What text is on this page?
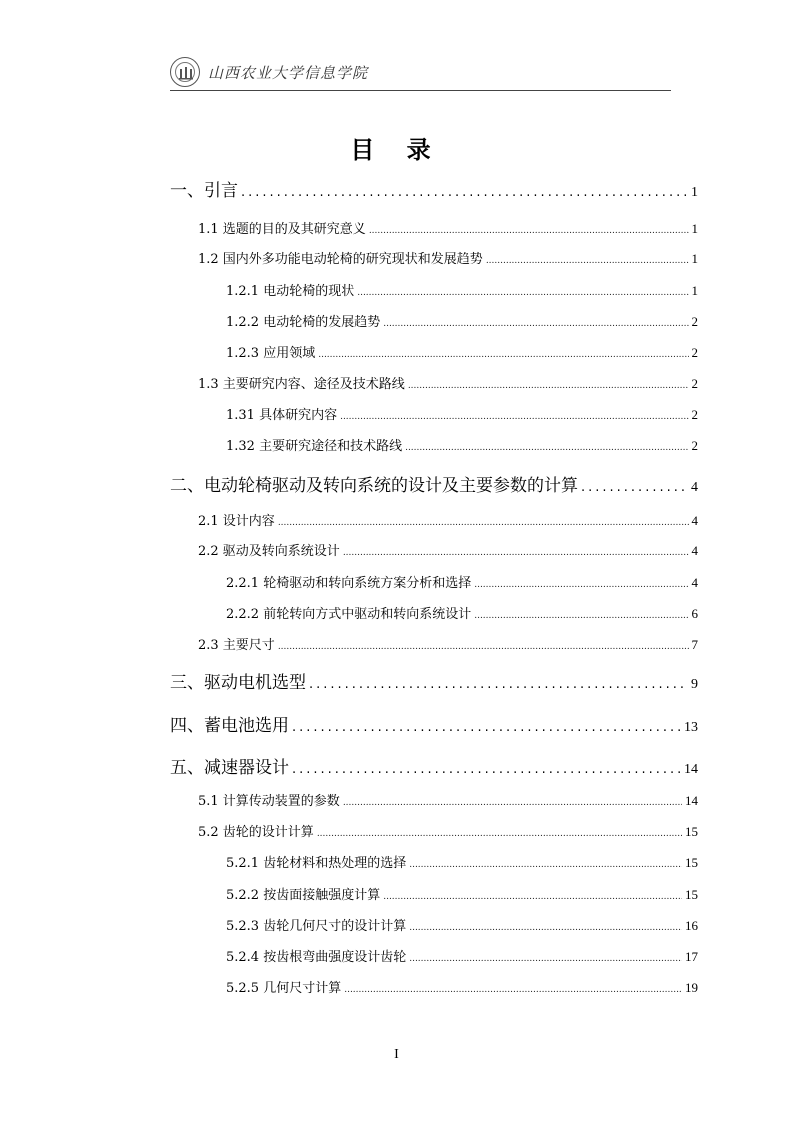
山西农业大学信息学院
目 录
一、引言 .....	1
1.1 选题的目的及其研究意义 .....	1
1.2 国内外多功能电动轮椅的研究现状和发展趋势 .....	1
1.2.1 电动轮椅的现状 .....	1
1.2.2 电动轮椅的发展趋势 .....	2
1.2.3 应用领域 .....	2
1.3 主要研究内容、途径及技术路线 .....	2
1.31 具体研究内容 .....	2
1.32 主要研究途径和技术路线 .....	2
二、电动轮椅驱动及转向系统的设计及主要参数的计算 .....	4
2.1 设计内容 .....	4
2.2 驱动及转向系统设计 .....	4
2.2.1 轮椅驱动和转向系统方案分析和选择 .....	4
2.2.2 前轮转向方式中驱动和转向系统设计 .....	6
2.3 主要尺寸 .....	7
三、驱动电机选型 .....	9
四、蓄电池选用 .....	13
五、减速器设计 .....	14
5.1 计算传动装置的参数 .....	14
5.2 齿轮的设计计算 .....	15
5.2.1 齿轮材料和热处理的选择 .....	15
5.2.2 按齿面接触强度计算 .....	15
5.2.3 齿轮几何尺寸的设计计算 .....	16
5.2.4 按齿根弯曲强度设计齿轮 .....	17
5.2.5 几何尺寸计算 .....	19
I
